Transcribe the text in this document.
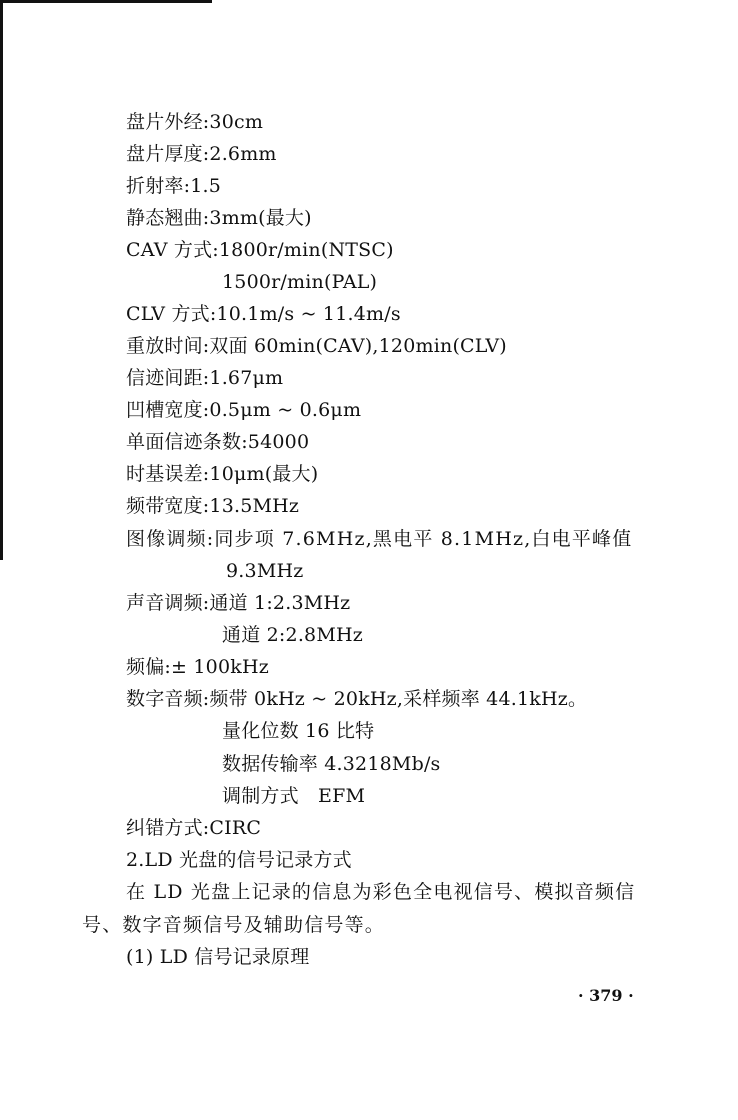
盘片外经:30cm
盘片厚度:2.6mm
折射率:1.5
静态翘曲:3mm(最大)
CAV 方式:1800r/min(NTSC)
1500r/min(PAL)
CLV 方式:10.1m/s ~ 11.4m/s
重放时间:双面 60min(CAV),120min(CLV)
信迹间距:1.67μm
凹槽宽度:0.5μm ~ 0.6μm
单面信迹条数:54000
时基误差:10μm(最大)
频带宽度:13.5MHz
图像调频:同步项 7.6MHz,黑电平 8.1MHz,白电平峰值
9.3MHz
声音调频:通道 1:2.3MHz
通道 2:2.8MHz
频偏:± 100kHz
数字音频:频带 0kHz ~ 20kHz,采样频率 44.1kHz。
量化位数 16 比特
数据传输率 4.3218Mb/s
调制方式　EFM
纠错方式:CIRC
2.LD 光盘的信号记录方式
在 LD 光盘上记录的信息为彩色全电视信号、模拟音频信
号、数字音频信号及辅助信号等。
(1) LD 信号记录原理
· 379 ·
